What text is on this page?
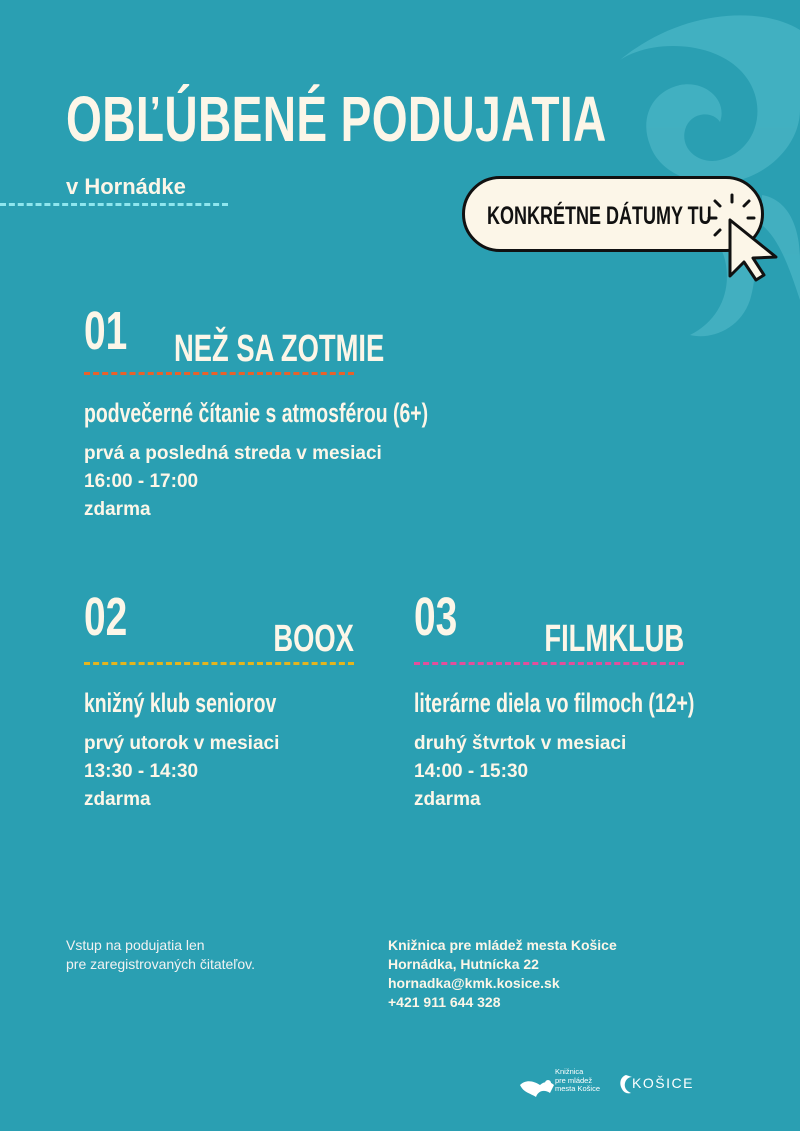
OBĽÚBENÉ PODUJATIA
v Hornádke
KONKRÉTNE DÁTUMY TU
01 NEŽ SA ZOTMIE
podvečerné čítanie s atmosférou (6+)
prvá a posledná streda v mesiaci
16:00 - 17:00
zdarma
02	BOOX
knižný klub seniorov
prvý utorok v mesiaci
13:30 - 14:30
zdarma
03 FILMKLUB
literárne diela vo filmoch (12+)
druhý štvrtok v mesiaci
14:00 - 15:30
zdarma
Vstup na podujatia len
pre zaregistrovaných čitateľov.
Knižnica pre mládež mesta Košice
Hornádka, Hutnícka 22
hornadka@kmk.kosice.sk
+421 911 644 328
Knižnica
pre mládež
mesta Košice KOŠICE
